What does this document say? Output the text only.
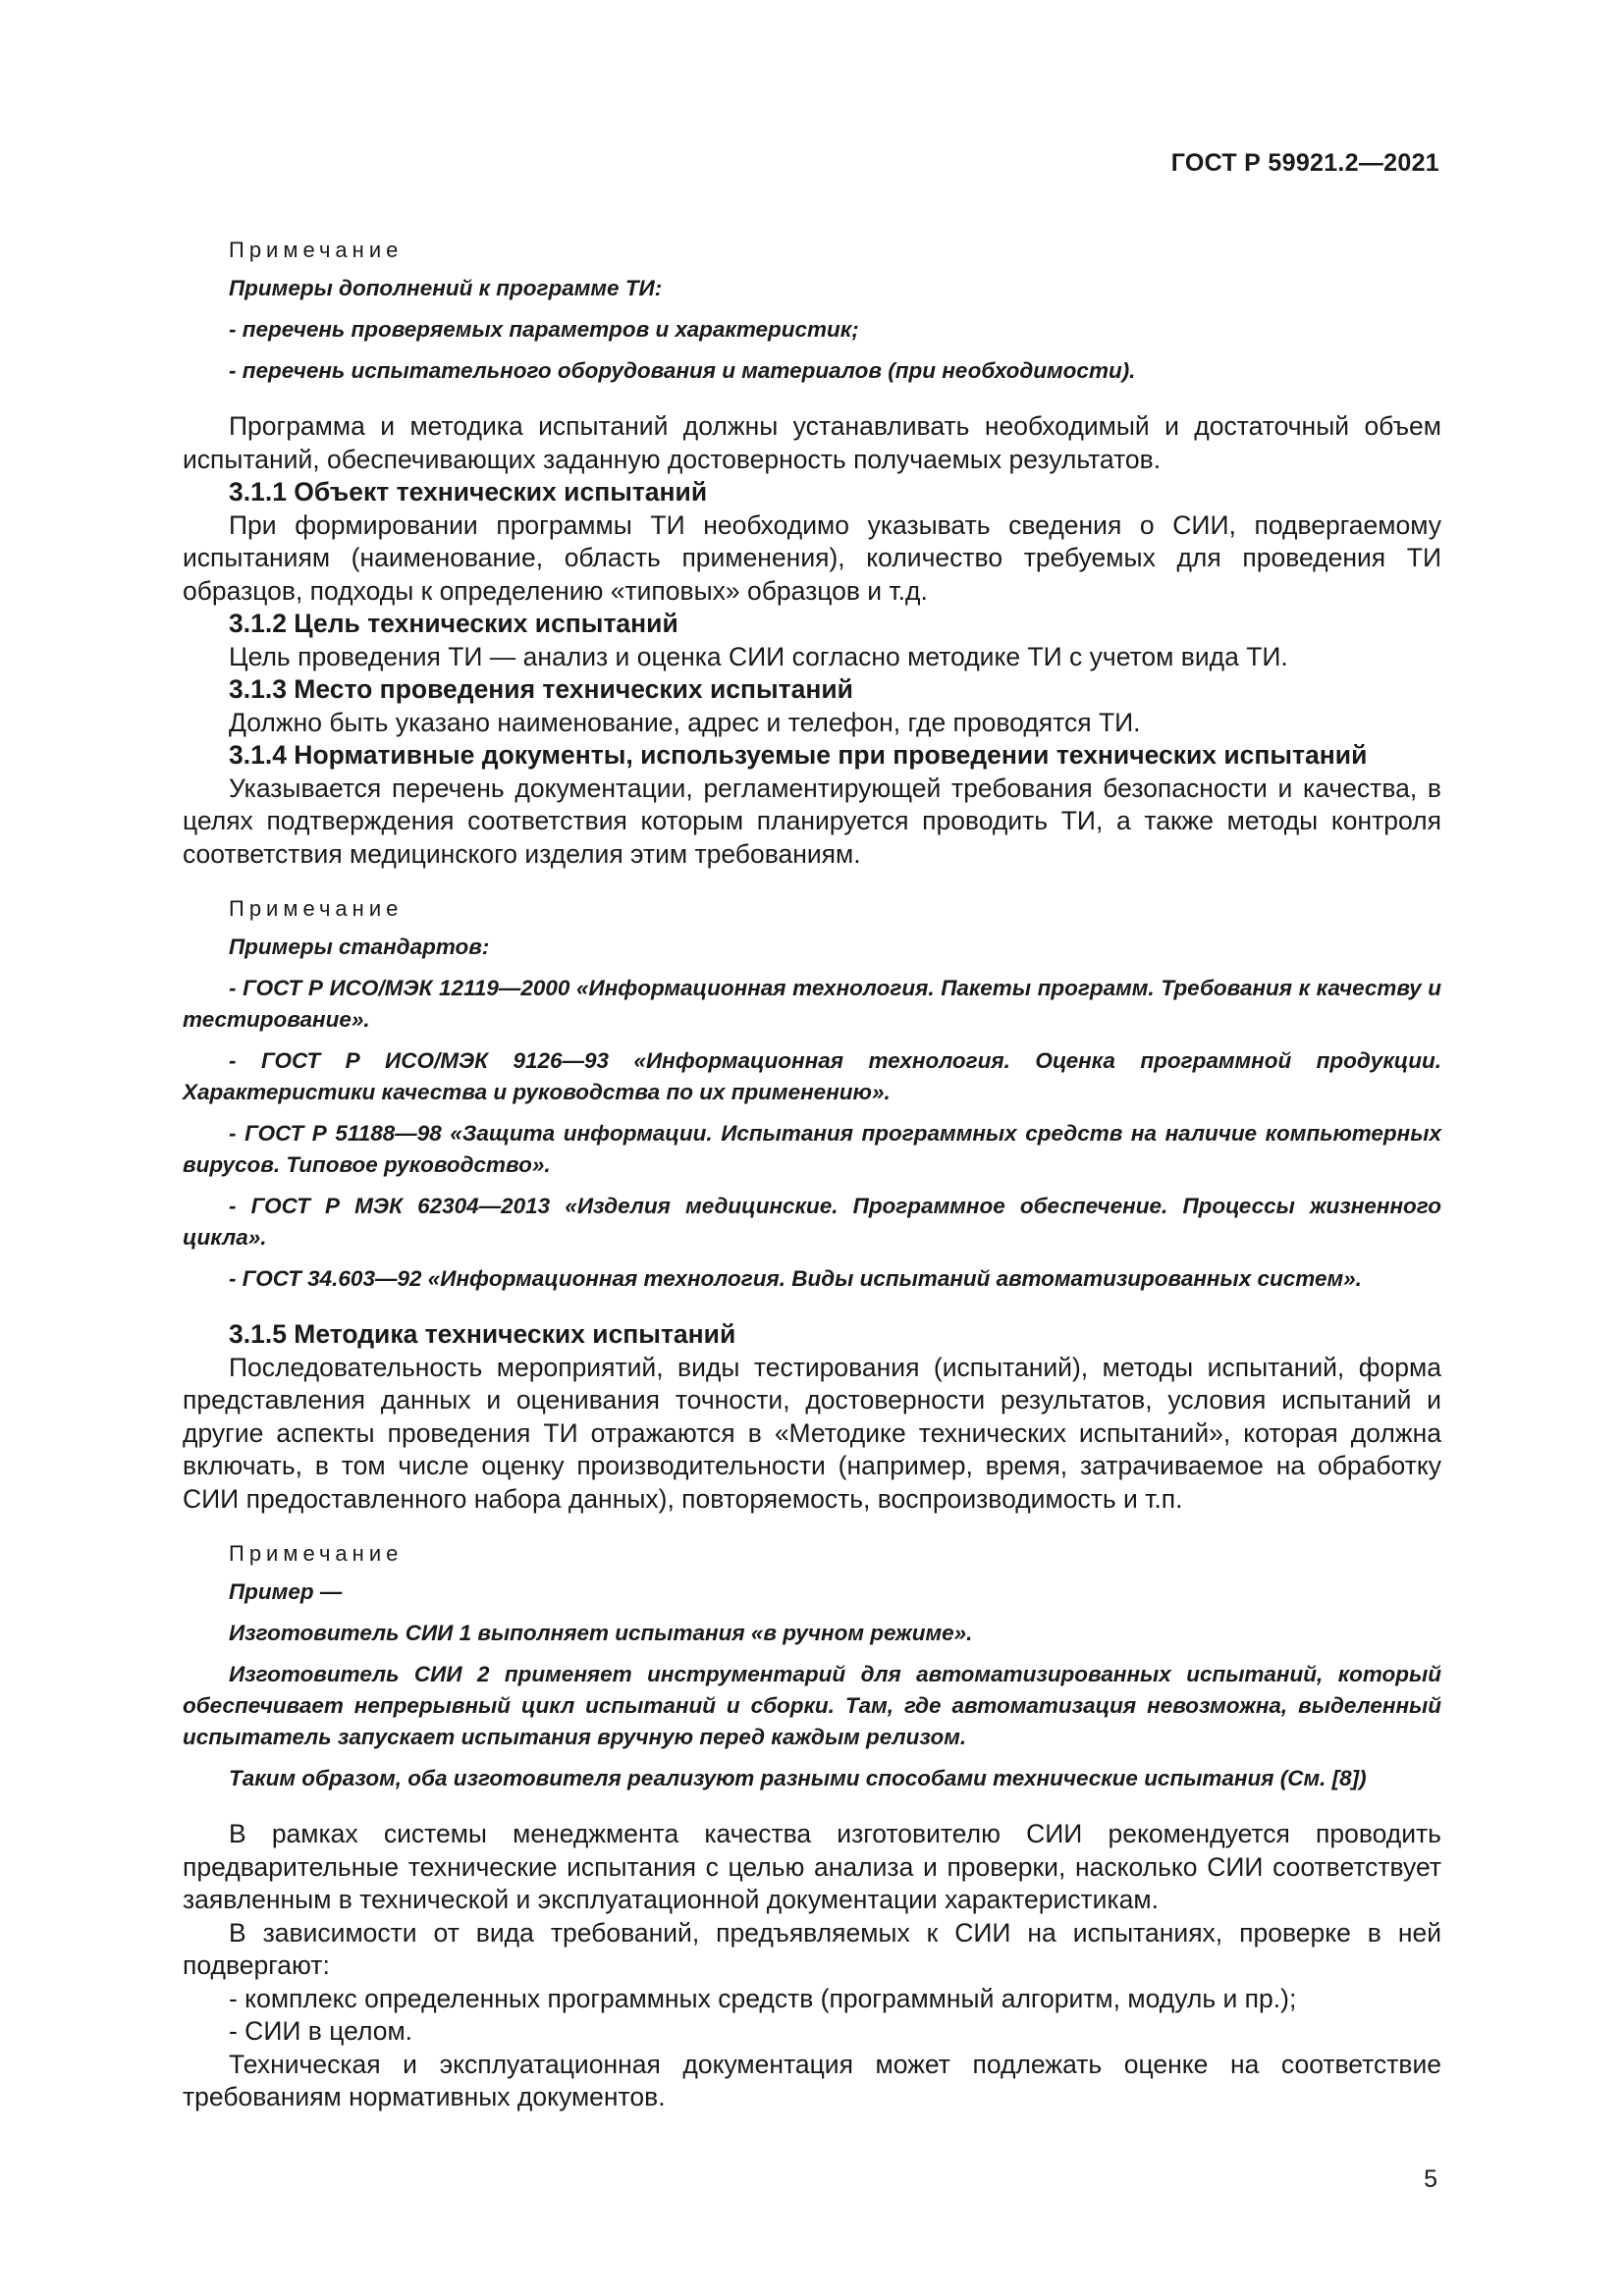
ГОСТ Р 59921.2—2021
Примечание

Примеры дополнений к программе ТИ:

- перечень проверяемых параметров и характеристик;

- перечень испытательного оборудования и материалов (при необходимости).

Программа и методика испытаний должны устанавливать необходимый и достаточный объем испытаний, обеспечивающих заданную достоверность получаемых результатов.

3.1.1 Объект технических испытаний

При формировании программы ТИ необходимо указывать сведения о СИИ, подвергаемому испытаниям (наименование, область применения), количество требуемых для проведения ТИ образцов, подходы к определению «типовых» образцов и т.д.

3.1.2 Цель технических испытаний

Цель проведения ТИ — анализ и оценка СИИ согласно методике ТИ с учетом вида ТИ.

3.1.3 Место проведения технических испытаний

Должно быть указано наименование, адрес и телефон, где проводятся ТИ.

3.1.4 Нормативные документы, используемые при проведении технических испытаний

Указывается перечень документации, регламентирующей требования безопасности и качества, в целях подтверждения соответствия которым планируется проводить ТИ, а также методы контроля соответствия медицинского изделия этим требованиям.

Примечание

Примеры стандартов:

- ГОСТ Р ИСО/МЭК 12119—2000 «Информационная технология. Пакеты программ. Требования к качеству и тестирование».

- ГОСТ Р ИСО/МЭК 9126—93 «Информационная технология. Оценка программной продукции. Характеристики качества и руководства по их применению».

- ГОСТ Р 51188—98 «Защита информации. Испытания программных средств на наличие компьютерных вирусов. Типовое руководство».

- ГОСТ Р МЭК 62304—2013 «Изделия медицинские. Программное обеспечение. Процессы жизненного цикла».

- ГОСТ 34.603—92 «Информационная технология. Виды испытаний автоматизированных систем».

3.1.5 Методика технических испытаний

Последовательность мероприятий, виды тестирования (испытаний), методы испытаний, форма представления данных и оценивания точности, достоверности результатов, условия испытаний и другие аспекты проведения ТИ отражаются в «Методике технических испытаний», которая должна включать, в том числе оценку производительности (например, время, затрачиваемое на обработку СИИ предоставленного набора данных), повторяемость, воспроизводимость и т.п.

Примечание

Пример —

Изготовитель СИИ 1 выполняет испытания «в ручном режиме».

Изготовитель СИИ 2 применяет инструментарий для автоматизированных испытаний, который обеспечивает непрерывный цикл испытаний и сборки. Там, где автоматизация невозможна, выделенный испытатель запускает испытания вручную перед каждым релизом.

Таким образом, оба изготовителя реализуют разными способами технические испытания (См. [8])

В рамках системы менеджмента качества изготовителю СИИ рекомендуется проводить предварительные технические испытания с целью анализа и проверки, насколько СИИ соответствует заявленным в технической и эксплуатационной документации характеристикам.

В зависимости от вида требований, предъявляемых к СИИ на испытаниях, проверке в ней подвергают:

- комплекс определенных программных средств (программный алгоритм, модуль и пр.);

- СИИ в целом.

Техническая и эксплуатационная документация может подлежать оценке на соответствие требованиям нормативных документов.

5
